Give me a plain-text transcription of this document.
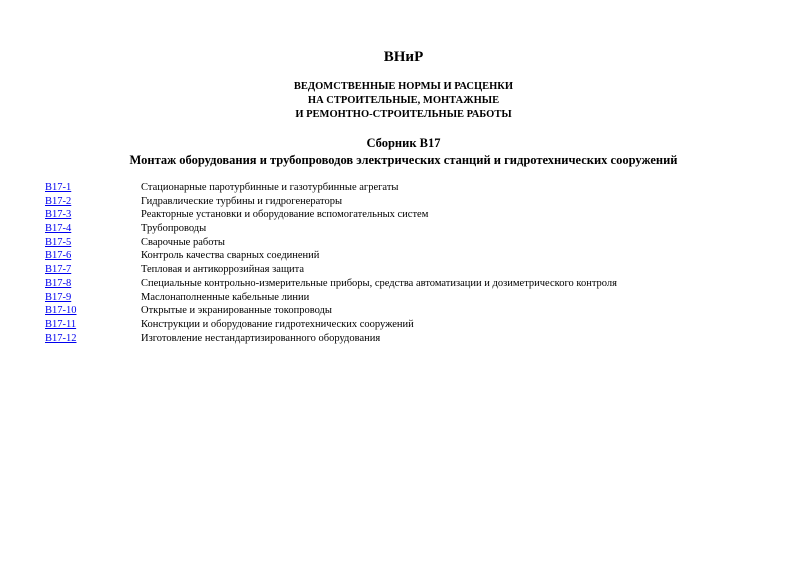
ВНиР
ВЕДОМСТВЕННЫЕ НОРМЫ И РАСЦЕНКИ
НА СТРОИТЕЛЬНЫЕ, МОНТАЖНЫЕ
И РЕМОНТНО-СТРОИТЕЛЬНЫЕ РАБОТЫ
Сборник В17
Монтаж оборудования и трубопроводов электрических станций и гидротехнических сооружений
В17-1	Стационарные паротурбинные и газотурбинные агрегаты
В17-2	Гидравлические турбины и гидрогенераторы
В17-3	Реакторные установки и оборудование вспомогательных систем
В17-4	Трубопроводы
В17-5	Сварочные работы
В17-6	Контроль качества сварных соединений
В17-7	Тепловая и антикоррозийная защита
В17-8	Специальные контрольно-измерительные приборы, средства автоматизации и дозиметрического контроля
В17-9	Маслонаполненные кабельные линии
В17-10	Открытые и экранированные токопроводы
В17-11	Конструкции и оборудование гидротехнических сооружений
В17-12	Изготовление нестандартизированного оборудования
